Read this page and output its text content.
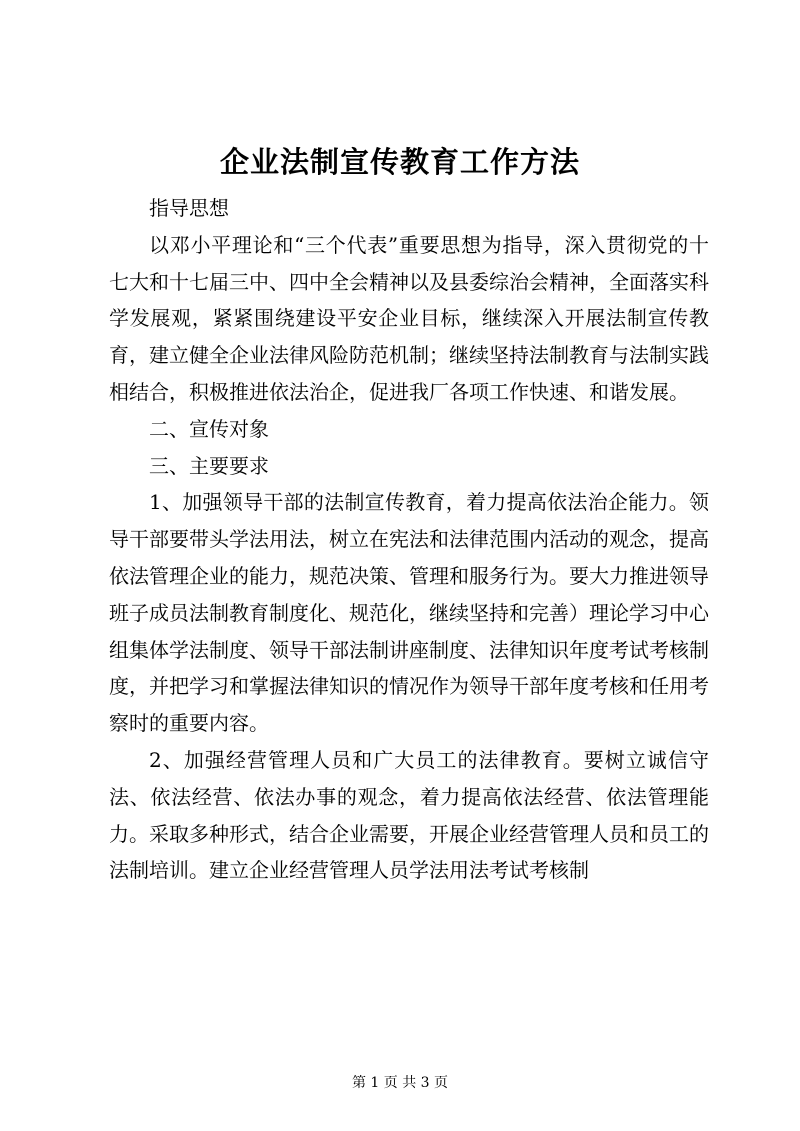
企业法制宣传教育工作方法

指导思想

以邓小平理论和“三个代表”重要思想为指导，深入贯彻党的十七大和十七届三中、四中全会精神以及县委综治会精神，全面落实科学发展观，紧紧围绕建设平安企业目标，继续深入开展法制宣传教育，建立健全企业法律风险防范机制；继续坚持法制教育与法制实践相结合，积极推进依法治企，促进我厂各项工作快速、和谐发展。

二、宣传对象

三、主要要求

1、加强领导干部的法制宣传教育，着力提高依法治企能力。领导干部要带头学法用法，树立在宪法和法律范围内活动的观念，提高依法管理企业的能力，规范决策、管理和服务行为。要大力推进领导班子成员法制教育制度化、规范化，继续坚持和完善）理论学习中心组集体学法制度、领导干部法制讲座制度、法律知识年度考试考核制度，并把学习和掌握法律知识的情况作为领导干部年度考核和任用考察时的重要内容。

2、加强经营管理人员和广大员工的法律教育。要树立诚信守法、依法经营、依法办事的观念，着力提高依法经营、依法管理能力。采取多种形式，结合企业需要，开展企业经营管理人员和员工的法制培训。建立企业经营管理人员学法用法考试考核制

第 1 页 共 3 页
